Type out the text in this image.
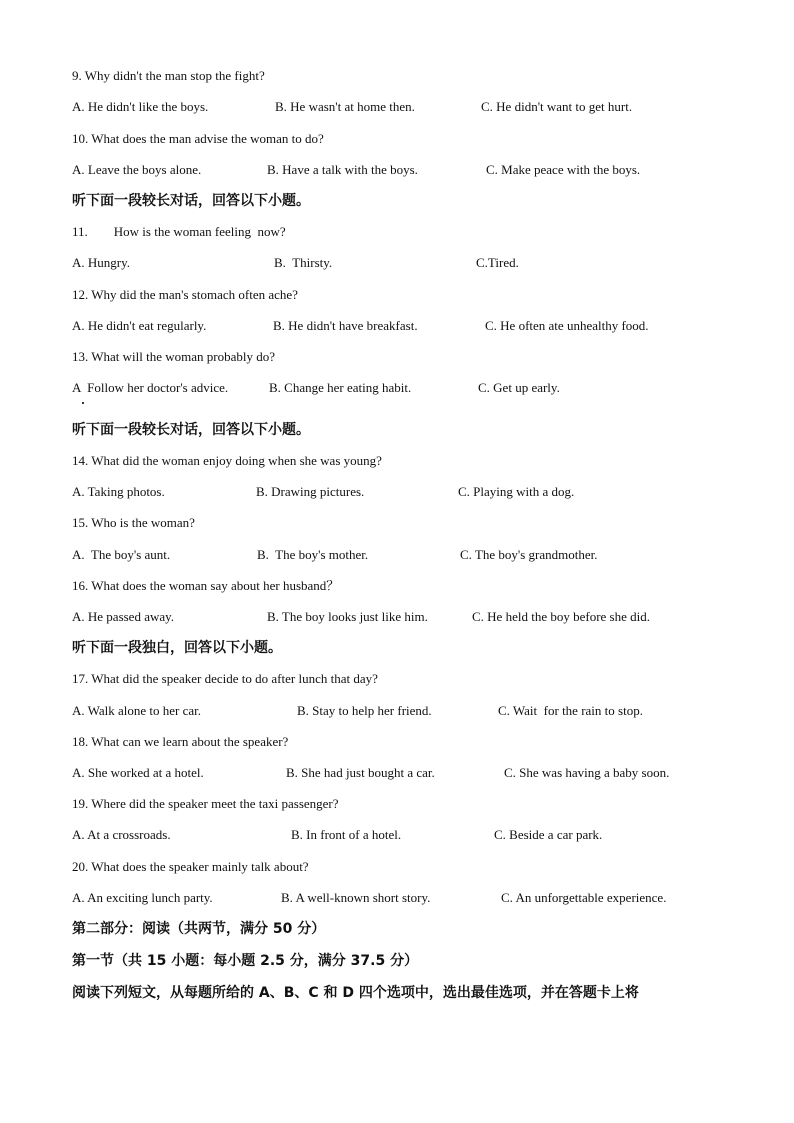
9. Why didn't the man stop the fight?
A. He didn't like the boys.	B. He wasn't at home then.	C. He didn't want to get hurt.
10. What does the man advise the woman to do?
A. Leave the boys alone.	B. Have a talk with the boys.	C. Make peace with the boys.
听下面一段较长对话，回答以下小题。
11.        How is the woman feeling  now?
A. Hungry.	B.  Thirsty.	C.Tired.
12. Why did the man's stomach often ache?
A. He didn't eat regularly.	B. He didn't have breakfast.	C. He often ate unhealthy food.
13. What will the woman probably do?
A  Follow her doctor's advice.	B. Change her eating habit.	C. Get up early.
听下面一段较长对话，回答以下小题。
14. What did the woman enjoy doing when she was young?
A. Taking photos.	B. Drawing pictures.	C. Playing with a dog.
15. Who is the woman?
A.  The boy's aunt.	B.  The boy's mother.	C. The boy's grandmother.
16. What does the woman say about her husband？
A. He passed away.	B. The boy looks just like him.	C. He held the boy before she did.
听下面一段独白，回答以下小题。
17. What did the speaker decide to do after lunch that day?
A. Walk alone to her car.	B. Stay to help her friend.	C. Wait  for the rain to stop.
18. What can we learn about the speaker?
A. She worked at a hotel.	B. She had just bought a car.	C. She was having a baby soon.
19. Where did the speaker meet the taxi passenger?
A. At a crossroads.	B. In front of a hotel.	C. Beside a car park.
20. What does the speaker mainly talk about?
A. An exciting lunch party.	B. A well-known short story.	C. An unforgettable experience.
第二部分：阅读（共两节，满分 50 分）
第一节（共 15 小题：每小题 2.5 分，满分 37.5 分）
阅读下列短文，从每题所给的 A、B、C 和 D 四个选项中，选出最佳选项，并在答题卡上将
